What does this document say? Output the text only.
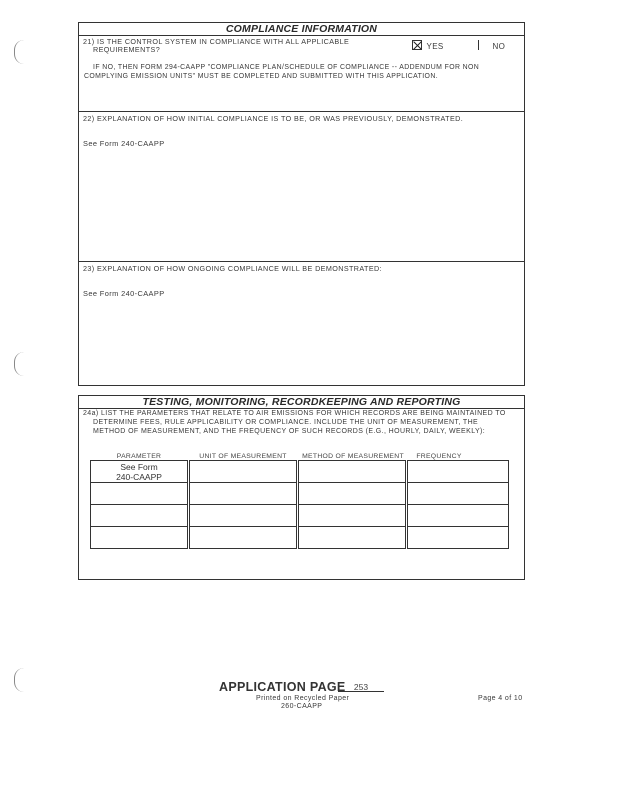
COMPLIANCE INFORMATION
21) IS THE CONTROL SYSTEM IN COMPLIANCE WITH ALL APPLICABLE
REQUIREMENTS?	YES	NO
IF NO, THEN FORM 294-CAAPP "COMPLIANCE PLAN/SCHEDULE OF COMPLIANCE -- ADDENDUM FOR NON
COMPLYING EMISSION UNITS" MUST BE COMPLETED AND SUBMITTED WITH THIS APPLICATION.
22) EXPLANATION OF HOW INITIAL COMPLIANCE IS TO BE, OR WAS PREVIOUSLY, DEMONSTRATED.
See Form 240-CAAPP
23) EXPLANATION OF HOW ONGOING COMPLIANCE WILL BE DEMONSTRATED:
See Form 240-CAAPP
TESTING, MONITORING, RECORDKEEPING AND REPORTING
24a) LIST THE PARAMETERS THAT RELATE TO AIR EMISSIONS FOR WHICH RECORDS ARE BEING MAINTAINED TO
DETERMINE FEES, RULE APPLICABILITY OR COMPLIANCE. INCLUDE THE UNIT OF MEASUREMENT, THE
METHOD OF MEASUREMENT, AND THE FREQUENCY OF SUCH RECORDS (E.G., HOURLY, DAILY, WEEKLY):
PARAMETER	UNIT OF MEASUREMENT	METHOD OF MEASUREMENT	FREQUENCY
See Form
240-CAAPP			

APPLICATION PAGE 253
Printed on Recycled Paper
260-CAAPP
Page 4 of 10
